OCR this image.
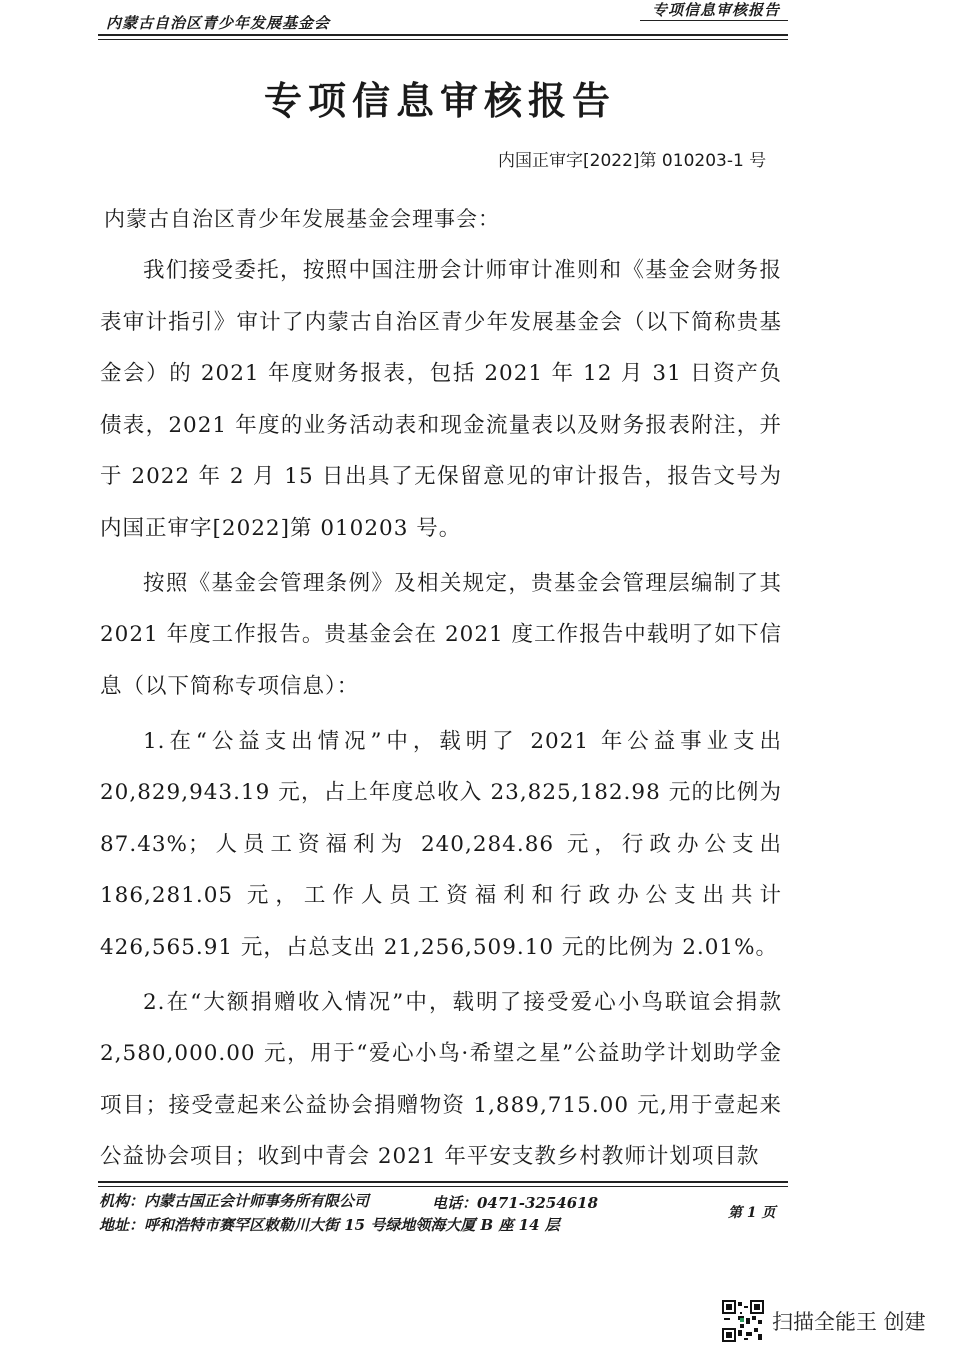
专项信息审核报告
内蒙古自治区青少年发展基金会
专项信息审核报告
内国正审字[2022]第 010203-1 号
内蒙古自治区青少年发展基金会理事会：

我们接受委托，按照中国注册会计师审计准则和《基金会财务报表审计指引》审计了内蒙古自治区青少年发展基金会（以下简称贵基金会）的 2021 年度财务报表，包括 2021 年 12 月 31 日资产负债表，2021 年度的业务活动表和现金流量表以及财务报表附注，并于 2022 年 2 月 15 日出具了无保留意见的审计报告，报告文号为内国正审字[2022]第 010203 号。

按照《基金会管理条例》及相关规定，贵基金会管理层编制了其 2021 年度工作报告。贵基金会在 2021 度工作报告中载明了如下信息（以下简称专项信息）：

1.在“公益支出情况”中，载明了 2021 年公益事业支出 20,829,943.19 元，占上年度总收入 23,825,182.98 元的比例为 87.43%；人员工资福利为 240,284.86 元，行政办公支出 186,281.05 元，工作人员工资福利和行政办公支出共计 426,565.91 元，占总支出 21,256,509.10 元的比例为 2.01%。

2.在“大额捐赠收入情况”中，载明了接受爱心小鸟联谊会捐款 2,580,000.00 元，用于“爱心小鸟·希望之星”公益助学计划助学金项目；接受壹起来公益协会捐赠物资 1,889,715.00 元,用于壹起来公益协会项目；收到中青会 2021 年平安支教乡村教师计划项目款

机构：内蒙古国正会计师事务所有限公司	电话：0471-3254618
第 1 页
地址：呼和浩特市赛罕区敕勒川大街 15 号绿地领海大厦 B 座 14 层
扫描全能王 创建
